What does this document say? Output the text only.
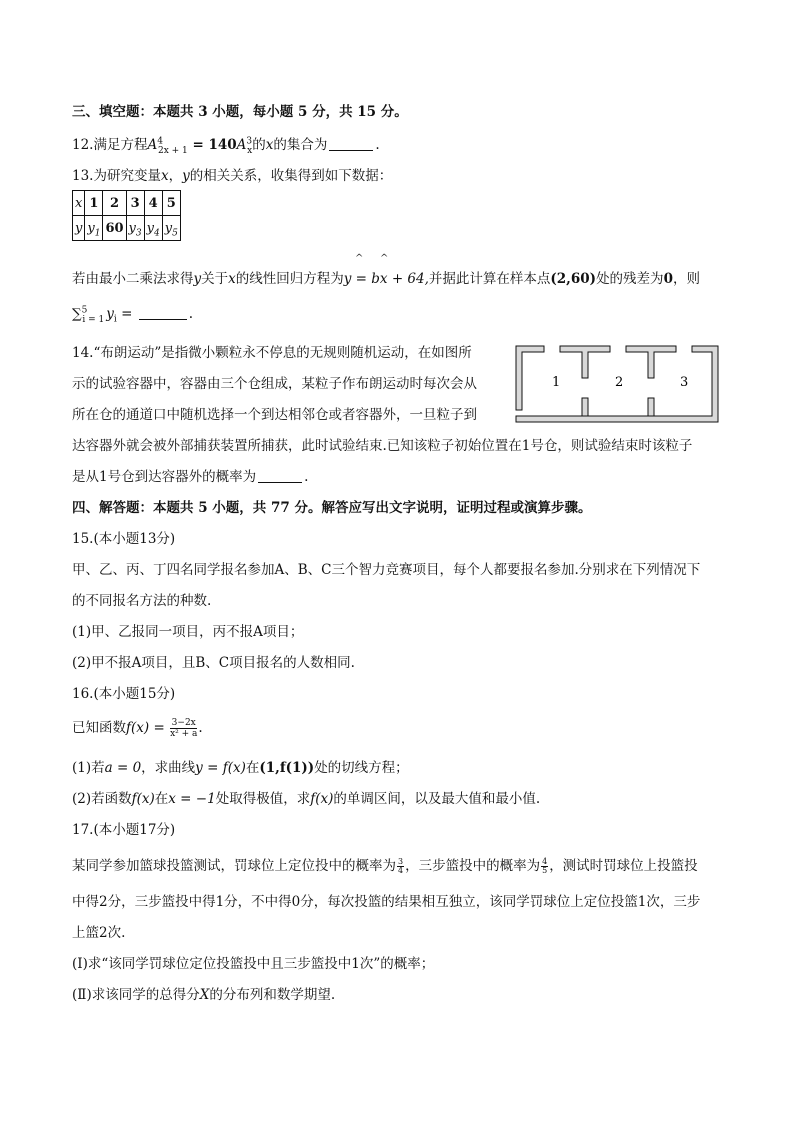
三、填空题：本题共 3 小题，每小题 5 分，共 15 分。
12.满足方程$A^4_{2x + 1} = 140A^3_x$的x的集合为	.
13.为研究变量x，y的相关关系，收集得到如下数据：
x	1	2	3	4	5
y	$y_1$	60	$y_3$	$y_4$	$y_5$
^ ^
若由最小二乘法求得y关于x的线性回归方程为y = bx + 64,并据此计算在样本点(2,60)处的残差为0，则
∑$^5_{i = 1}$ $y_i$ =	.
14.“布朗运动”是指微小颗粒永不停息的无规则随机运动，在如图所
示的试验容器中，容器由三个仓组成，某粒子作布朗运动时每次会从
所在仓的通道口中随机选择一个到达相邻仓或者容器外，一旦粒子到
达容器外就会被外部捕获装置所捕获，此时试验结束.已知该粒子初始位置在1号仓，则试验结束时该粒子
是从1号仓到达容器外的概率为	.
1	2	3
四、解答题：本题共 5 小题，共 77 分。解答应写出文字说明，证明过程或演算步骤。
15.(本小题13分)
甲、乙、丙、丁四名同学报名参加A、B、C三个智力竞赛项目，每个人都要报名参加.分别求在下列情况下
的不同报名方法的种数.
(1)甲、乙报同一项目，丙不报A项目；
(2)甲不报A项目，且B、C项目报名的人数相同.
16.(本小题15分)
已知函数$f(x) = \frac{3-2x}{\text{x² + a}}$ .
(1)若a = 0，求曲线y = f(x)在(1,f(1))处的切线方程；
(2)若函数f(x)在x = −1处取得极值，求f(x)的单调区间，以及最大值和最小值.
17.(本小题17分)
某同学参加篮球投篮测试，罚球位上定位投中的概率为 $\frac{3}{4}$ ，三步篮投中的概率为 $\frac{4}{5}$ ，测试时罚球位上投篮投
中得2分，三步篮投中得1分，不中得0分，每次投篮的结果相互独立，该同学罚球位上定位投篮1次，三步
上篮2次.
(Ⅰ)求“该同学罚球位定位投篮投中且三步篮投中1次”的概率；
(Ⅱ)求该同学的总得分X的分布列和数学期望.
